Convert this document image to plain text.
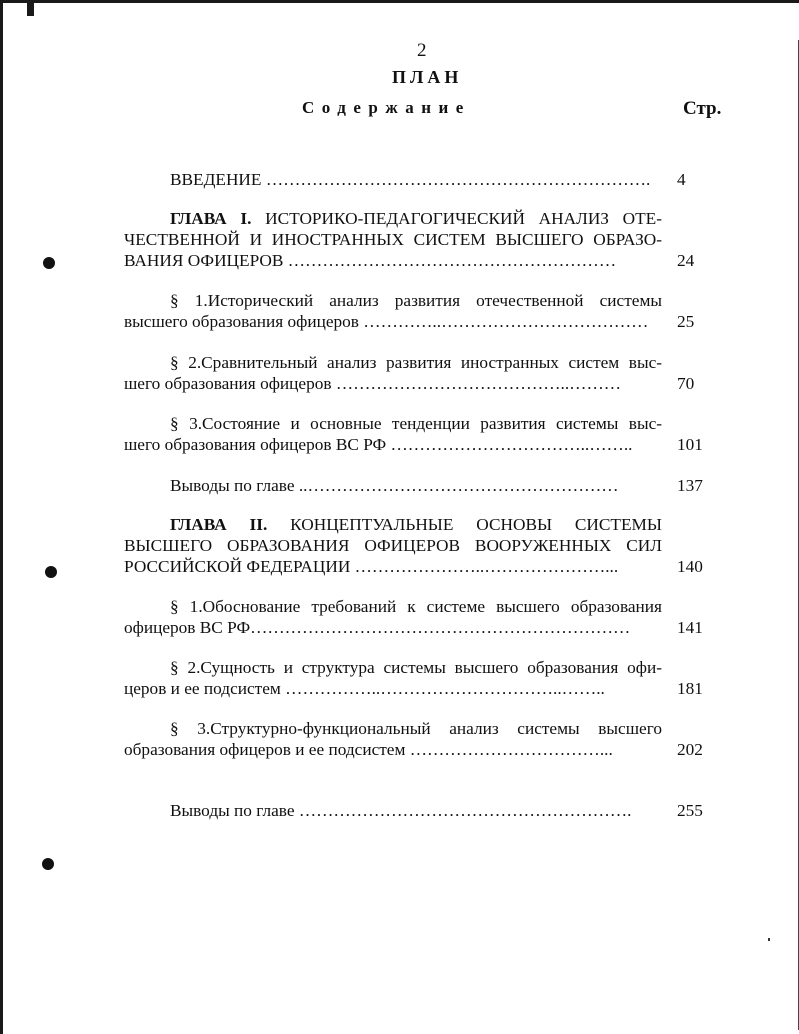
2
ПЛАН
Содержание	Стр.
ВВЕДЕНИЕ ………………………………………………………….	4
ГЛАВА I. ИСТОРИКО-ПЕДАГОГИЧЕСКИЙ АНАЛИЗ ОТЕ-
ЧЕСТВЕННОЙ И ИНОСТРАННЫХ СИСТЕМ ВЫСШЕГО ОБРАЗО-
ВАНИЯ ОФИЦЕРОВ …………………………………………………	24
§ 1.Исторический анализ развития отечественной системы
высшего образования офицеров …………..………………………………	25
§ 2.Сравнительный анализ развития иностранных систем выс-
шего образования офицеров …………………………………..………	70
§ 3.Состояние и основные тенденции развития системы выс-
шего образования офицеров ВС РФ ……………………………..……..	101
Выводы по главе ..………………………………………………	137
ГЛАВА II. КОНЦЕПТУАЛЬНЫЕ ОСНОВЫ СИСТЕМЫ
ВЫСШЕГО ОБРАЗОВАНИЯ ОФИЦЕРОВ ВООРУЖЕННЫХ СИЛ
РОССИЙСКОЙ ФЕДЕРАЦИИ …………………..…………………...	140
§ 1.Обоснование требований к системе высшего образования
офицеров ВС РФ…………………………………………………………	141
§ 2.Сущность и структура системы высшего образования офи-
церов и ее подсистем ……………..…………………………..……..	181
§ 3.Структурно-функциональный анализ системы высшего
образования офицеров и ее подсистем ……………………………...	202
Выводы по главе ………………………………………………….	255
